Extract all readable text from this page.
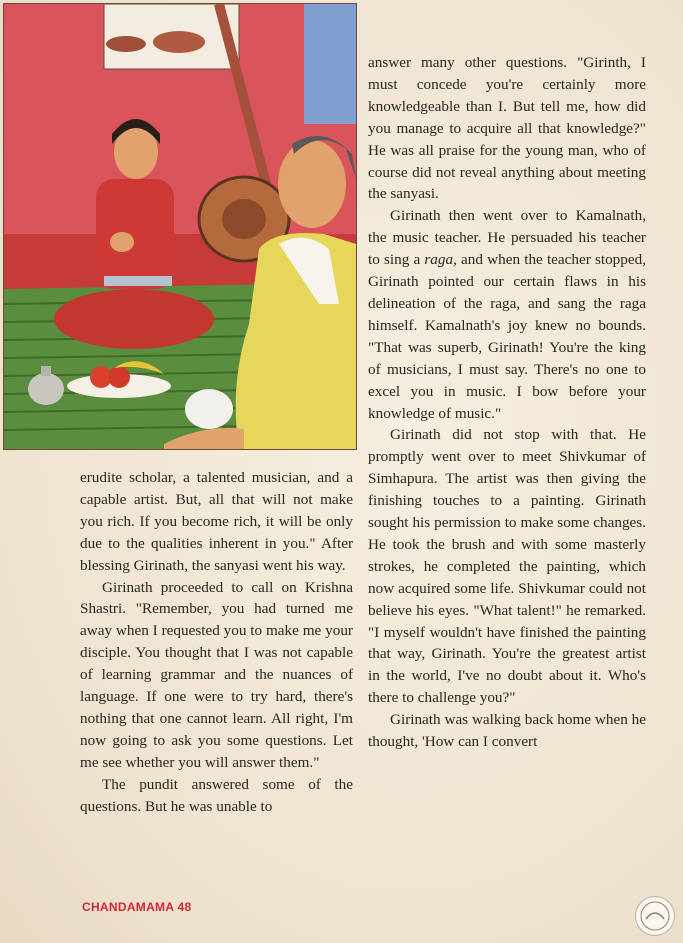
erudite scholar, a talented musician, and a capable artist. But, all that will not make you rich. If you become rich, it will be only due to the qualities inherent in you." After blessing Girinath, the sanyasi went his way.

Girinath proceeded to call on Krishna Shastri. "Remember, you had turned me away when I requested you to make me your disciple. You thought that I was not capable of learning grammar and the nuances of language. If one were to try hard, there's nothing that one cannot learn. All right, I'm now going to ask you some questions. Let me see whether you will answer them."

The pundit answered some of the questions. But he was unable to

answer many other questions. "Girinth, I must concede you're certainly more knowledgeable than I. But tell me, how did you manage to acquire all that knowledge?" He was all praise for the young man, who of course did not reveal anything about meeting the sanyasi.

Girinath then went over to Kamalnath, the music teacher. He persuaded his teacher to sing a raga, and when the teacher stopped, Girinath pointed our certain flaws in his delineation of the raga, and sang the raga himself. Kamalnath's joy knew no bounds. "That was superb, Girinath! You're the king of musicians, I must say. There's no one to excel you in music. I bow before your knowledge of music."

Girinath did not stop with that. He promptly went over to meet Shivkumar of Simhapura. The artist was then giving the finishing touches to a painting. Girinath sought his permission to make some changes. He took the brush and with some masterly strokes, he completed the painting, which now acquired some life. Shivkumar could not believe his eyes. "What talent!" he remarked. "I myself wouldn't have finished the painting that way, Girinath. You're the greatest artist in the world, I've no doubt about it. Who's there to challenge you?"

Girinath was walking back home when he thought, 'How can I convert

CHANDAMAMA 48
